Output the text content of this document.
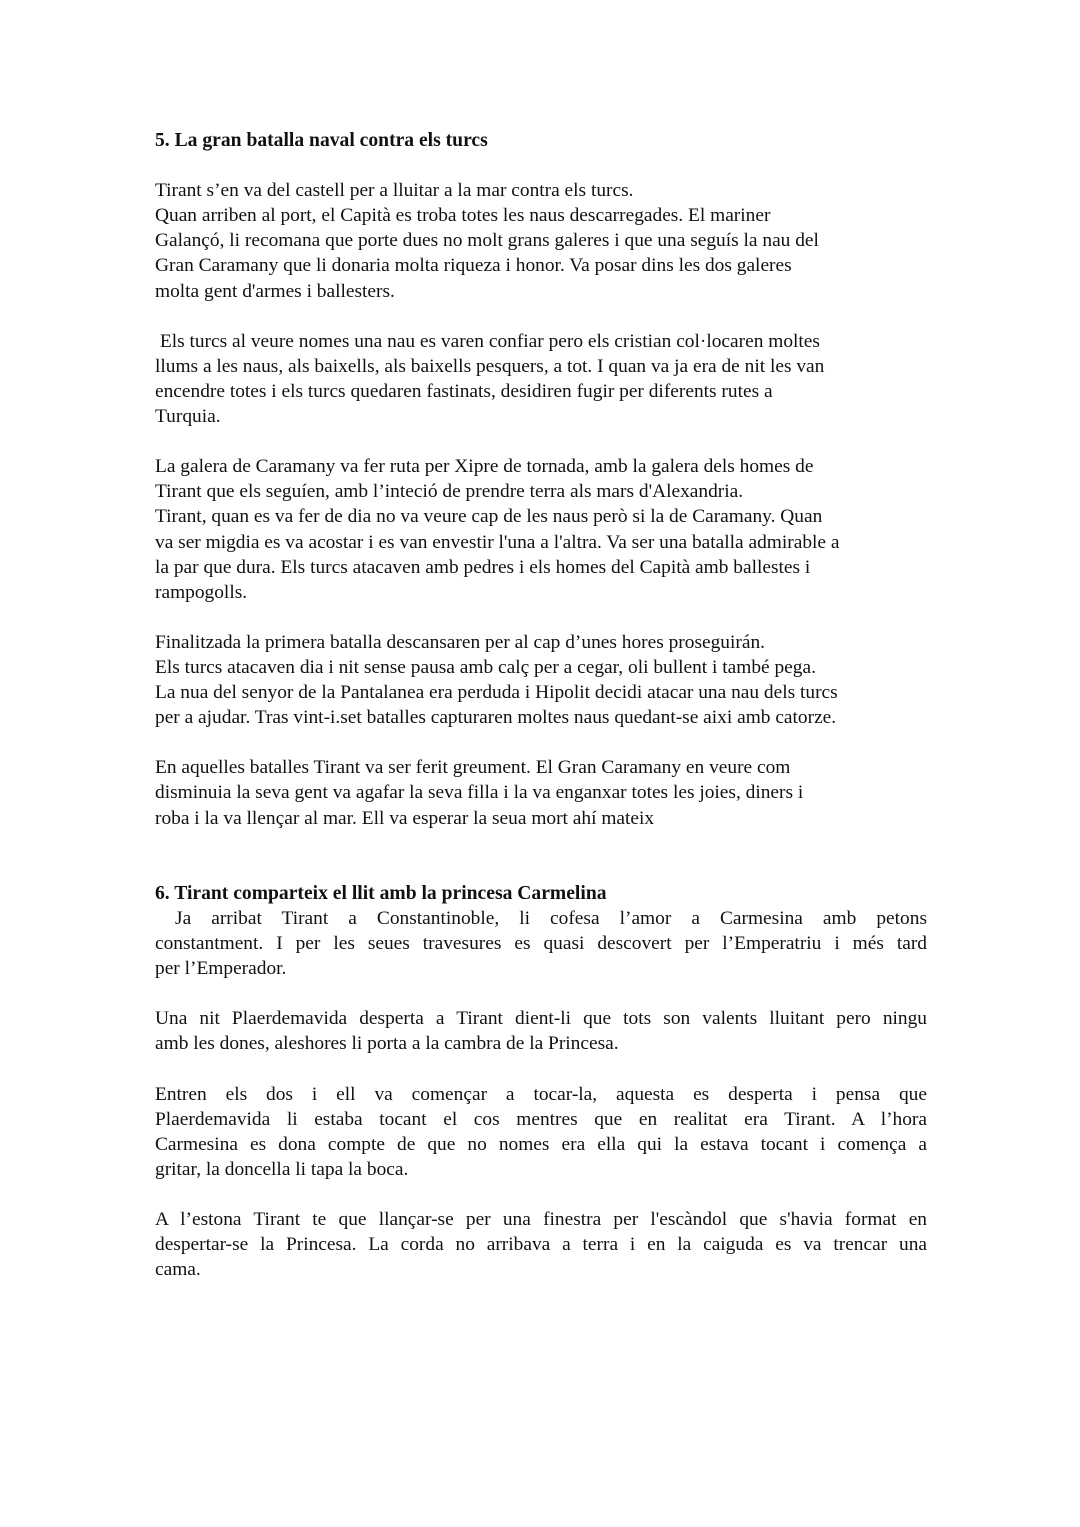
5. La gran batalla naval contra els turcs
Tirant s’en va del castell per a lluitar a la mar contra els turcs.
Quan arriben al port, el Capità es troba totes les naus descarregades. El mariner
Galançó, li recomana que porte dues no molt grans galeres i que una seguís la nau del
Gran Caramany que li donaria molta riqueza i honor. Va posar dins les dos galeres
molta gent d'armes i ballesters.
Els turcs al veure nomes una nau es varen confiar pero els cristian col·locaren moltes
llums a les naus, als baixells, als baixells pesquers, a tot. I quan va ja era de nit les van
encendre totes i els turcs quedaren fastinats, desidiren fugir per diferents rutes a
Turquia.
La galera de Caramany va fer ruta per Xipre de tornada, amb la galera dels homes de
Tirant que els seguíen, amb l’inteció de prendre terra als mars d'Alexandria.
Tirant, quan es va fer de dia no va veure cap de les naus però si la de Caramany. Quan
va ser migdia es va acostar i es van envestir l'una a l'altra. Va ser una batalla admirable a
la par que dura. Els turcs atacaven amb pedres i els homes del Capità amb ballestes i
rampogolls.
Finalitzada la primera batalla descansaren per al cap d’unes hores proseguirán.
Els turcs atacaven dia i nit sense pausa amb calç per a cegar, oli bullent i també pega.
La nua del senyor de la Pantalanea era perduda i Hipolit decidi atacar una nau dels turcs
per a ajudar. Tras vint-i.set batalles capturaren moltes naus quedant-se aixi amb catorze.
En aquelles batalles Tirant va ser ferit greument. El Gran Caramany en veure com
disminuia la seva gent va agafar la seva filla i la va enganxar totes les joies, diners i
roba i la va llençar al mar. Ell va esperar la seua mort ahí mateix
6. Tirant comparteix el llit amb la princesa Carmelina
Ja arribat Tirant a Constantinoble, li cofesa l’amor a Carmesina amb petons
constantment. I per les seues travesures es quasi descovert per l’Emperatriu i més tard
per l’Emperador.
Una nit Plaerdemavida desperta a Tirant dient-li que tots son valents lluitant pero ningu
amb les dones, aleshores li porta a la cambra de la Princesa.
Entren els dos i ell va començar a tocar-la, aquesta es desperta i pensa que
Plaerdemavida li estaba tocant el cos mentres que en realitat era Tirant. A l’hora
Carmesina es dona compte de que no nomes era ella qui la estava tocant i comença a
gritar, la doncella li tapa la boca.
A l’estona Tirant te que llançar-se per una finestra per l'escàndol que s'havia format en
despertar-se la Princesa. La corda no arribava a terra i en la caiguda es va trencar una
cama.
